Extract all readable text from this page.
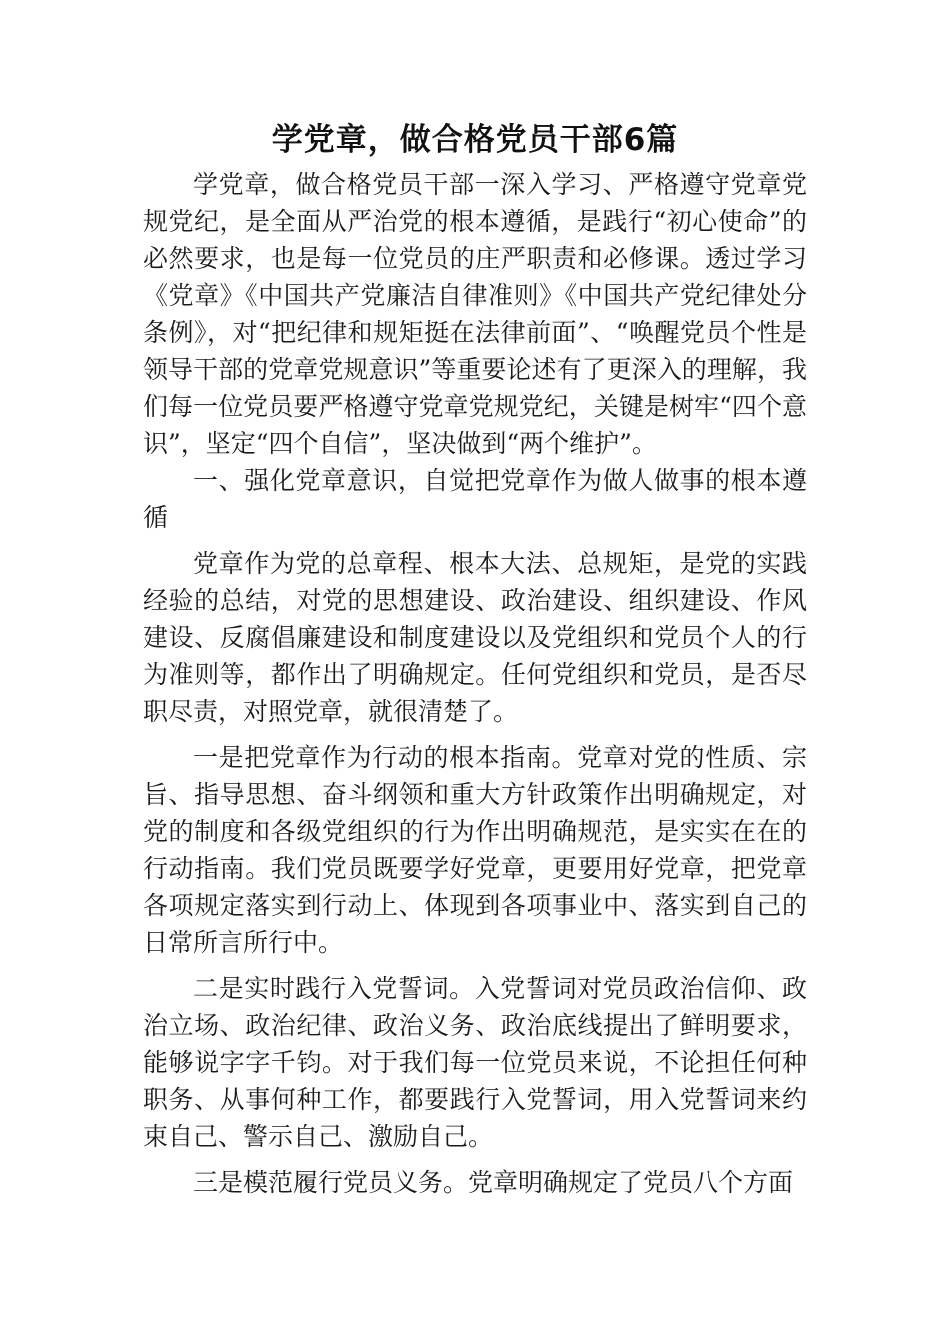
学党章，做合格党员干部6篇

学党章，做合格党员干部一深入学习、严格遵守党章党规党纪，是全面从严治党的根本遵循，是践行“初心使命”的必然要求，也是每一位党员的庄严职责和必修课。透过学习《党章》《中国共产党廉洁自律准则》《中国共产党纪律处分条例》，对“把纪律和规矩挺在法律前面”、“唤醒党员个性是领导干部的党章党规意识”等重要论述有了更深入的理解，我们每一位党员要严格遵守党章党规党纪，关键是树牢“四个意识”，坚定“四个自信”，坚决做到“两个维护”。

一、强化党章意识，自觉把党章作为做人做事的根本遵循

党章作为党的总章程、根本大法、总规矩，是党的实践经验的总结，对党的思想建设、政治建设、组织建设、作风建设、反腐倡廉建设和制度建设以及党组织和党员个人的行为准则等，都作出了明确规定。任何党组织和党员，是否尽职尽责，对照党章，就很清楚了。

一是把党章作为行动的根本指南。党章对党的性质、宗旨、指导思想、奋斗纲领和重大方针政策作出明确规定，对党的制度和各级党组织的行为作出明确规范，是实实在在的行动指南。我们党员既要学好党章，更要用好党章，把党章各项规定落实到行动上、体现到各项事业中、落实到自己的日常所言所行中。

二是实时践行入党誓词。入党誓词对党员政治信仰、政治立场、政治纪律、政治义务、政治底线提出了鲜明要求，能够说字字千钧。对于我们每一位党员来说，不论担任何种职务、从事何种工作，都要践行入党誓词，用入党誓词来约束自己、警示自己、激励自己。

三是模范履行党员义务。党章明确规定了党员八个方面
